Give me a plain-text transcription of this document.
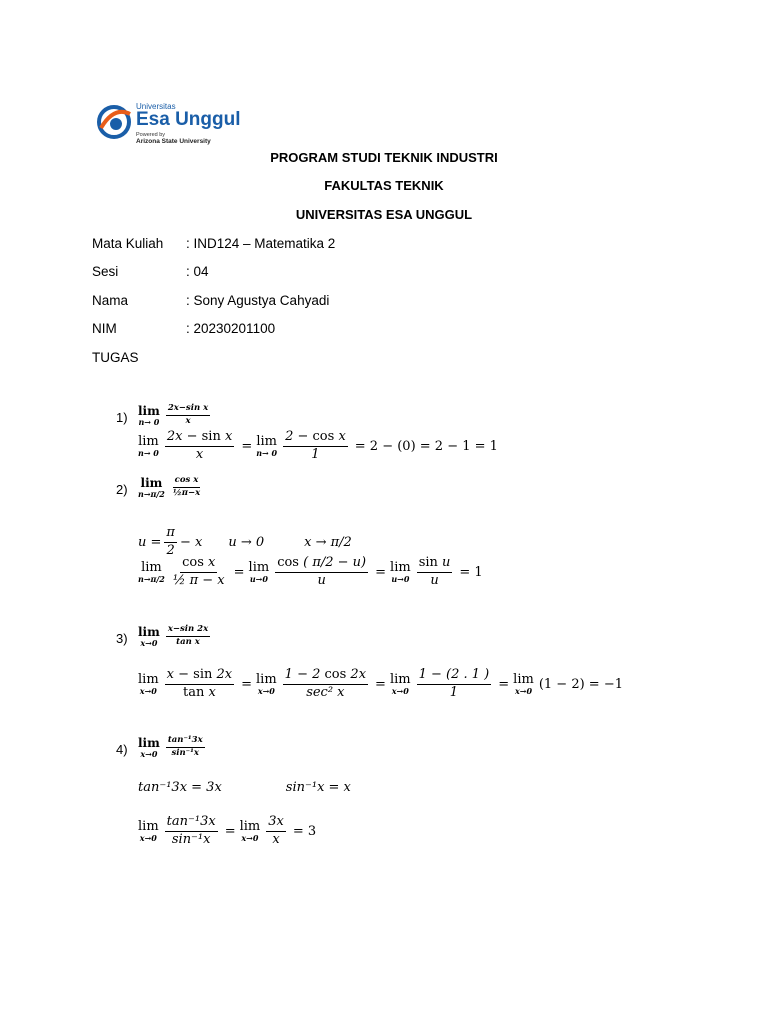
Universitas
Esa Unggul
Powered by
Arizona State University
PROGRAM STUDI TEKNIK INDUSTRI
FAKULTAS TEKNIK
UNIVERSITAS ESA UNGGUL
Mata Kuliah : IND124 – Matematika 2
Sesi	: 04
Nama	: Sony Agustya Cahyadi
NIM	: 20230201100
TUGAS
1) lim
$n\to 0 \frac{\text{2x−sin x}}{x}$
lim
$n\to 0 \frac{\text{2x − sin x}}{x} = \lim$
$n\to 0 \frac{\text{2 − cos x}}{1} = 2 - (0) = 2 - 1 = 1$
2) lim
$n\to\pi/2 \frac{\text{cos x}}{\text{½π−x}}$
$u = \frac{\pi}{2} - x$ u → 0	x → π/2
lim
$n\to\pi/2 \frac{\text{cos x}}{\text{½ π − x}} = \lim$
$u\to 0 \frac{\cos ( \pi/2 - u)}{u} = \lim$
$u\to 0 \frac{\text{sin u}}{u} = 1$
3) lim
$x\to 0 \frac{x-\sin 2x}{\text{tan x}}$
lim
$x\to 0 \frac{x - \sin 2x}{\text{tan x}} = \lim$
$x\to 0 \frac{1 - 2 \cos 2x}{\text{sec² x}} = \lim$
$x\to 0 \frac{1 - (2 . 1 )}{1} = \lim$
x→0 (1 − 2) = −1
4) lim
$x\to 0 \frac{\text{tan⁻¹3x}}{\text{sin⁻¹x}}$
tan⁻¹3x = 3x	sin⁻¹x = x
lim
$x\to 0 \frac{\text{tan⁻¹3x}}{\text{sin⁻¹x}} = \lim$
$x\to 0 \frac{3x}{x} = 3$
